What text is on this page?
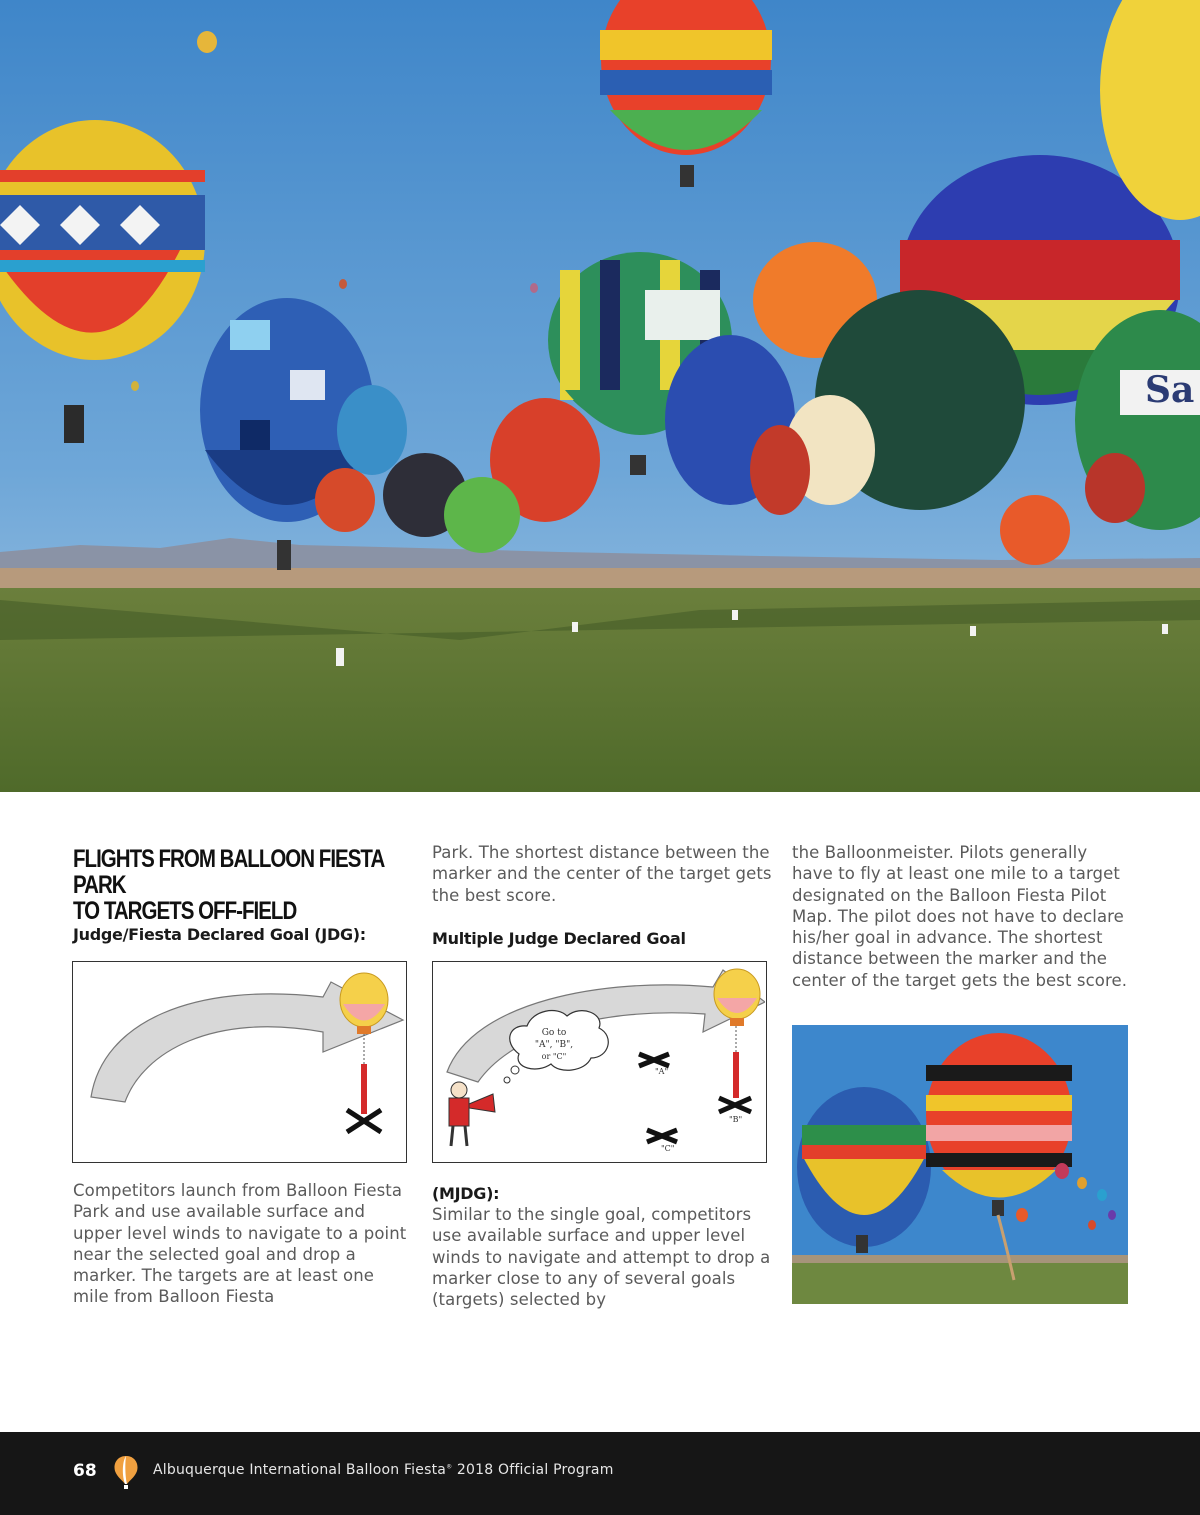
Sa
FLIGHTS FROM BALLOON FIESTA PARK
TO TARGETS OFF-FIELD
Judge/Fiesta Declared Goal (JDG):
Competitors launch from Balloon Fiesta Park and use available surface and upper level winds to navigate to a point near the selected goal and drop a marker. The targets are at least one mile from Balloon Fiesta
Park. The shortest distance between the marker and the center of the target gets the best score.
Multiple Judge Declared Goal
Go to
"A", "B",
or "C"
"A"
"B"
"C"
(MJDG):
Similar to the single goal, competitors use available surface and upper level winds to navigate and attempt to drop a marker close to any of several goals (targets) selected by
the Balloonmeister. Pilots generally have to fly at least one mile to a target designated on the Balloon Fiesta Pilot Map. The pilot does not have to declare his/her goal in advance. The shortest distance between the marker and the center of the target gets the best score.
68	Albuquerque International Balloon Fiesta® 2018 Official Program
